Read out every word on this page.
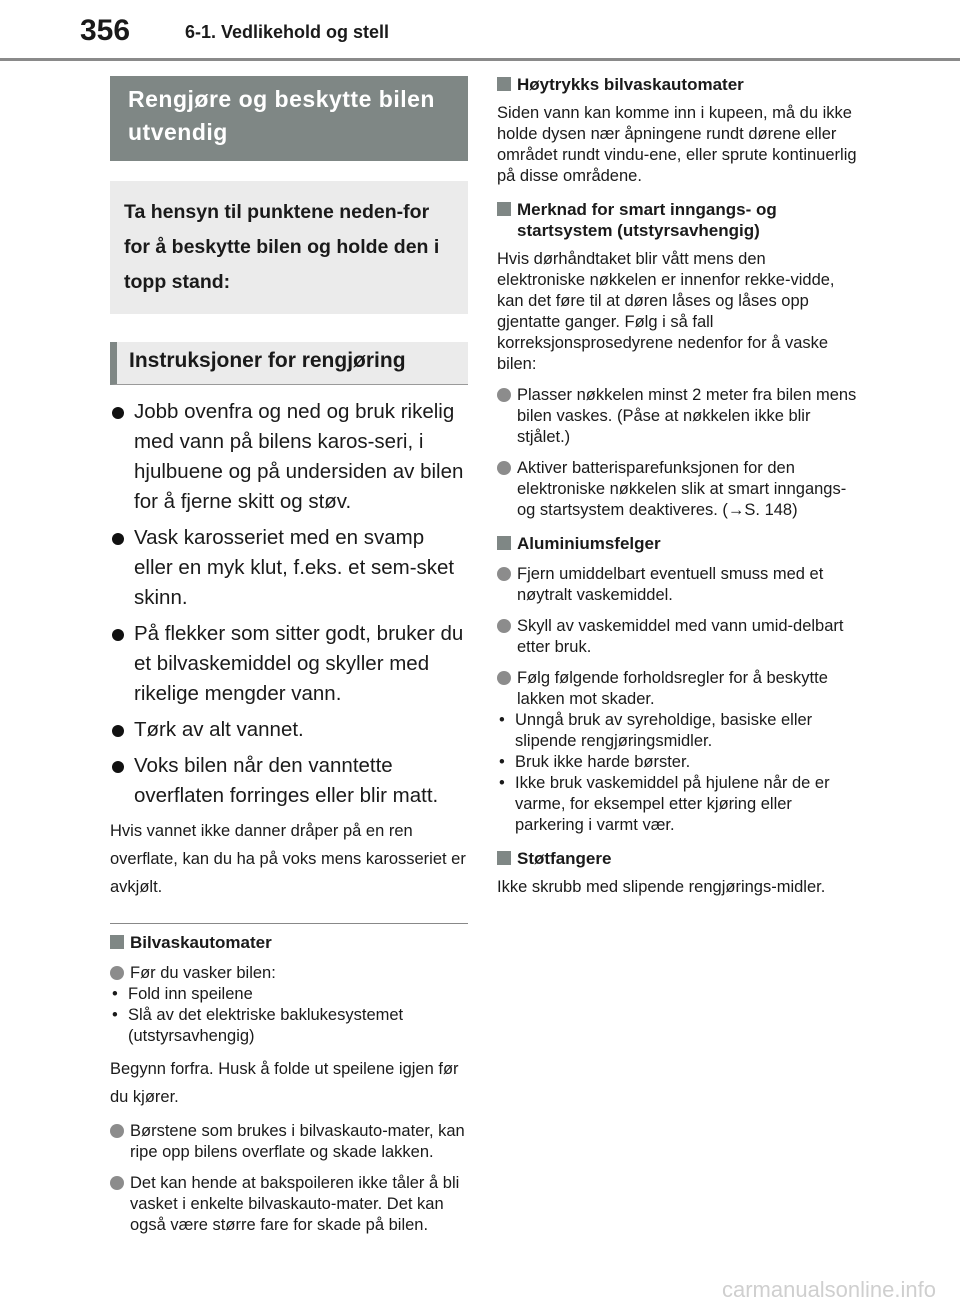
356	6-1. Vedlikehold og stell
Rengjøre og beskytte bilen utvendig
Ta hensyn til punktene neden-for for å beskytte bilen og holde den i topp stand:
Instruksjoner for rengjøring
Jobb ovenfra og ned og bruk rikelig med vann på bilens karos-seri, i hjulbuene og på undersiden av bilen for å fjerne skitt og støv.
Vask karosseriet med en svamp eller en myk klut, f.eks. et sem-sket skinn.
På flekker som sitter godt, bruker du et bilvaskemiddel og skyller med rikelige mengder vann.
Tørk av alt vannet.
Voks bilen når den vanntette overflaten forringes eller blir matt.
Hvis vannet ikke danner dråper på en ren overflate, kan du ha på voks mens karosseriet er avkjølt.
Bilvaskautomater
Før du vasker bilen:
• Fold inn speilene
• Slå av det elektriske baklukesystemet (utstyrsavhengig)
Begynn forfra. Husk å folde ut speilene igjen før du kjører.
Børstene som brukes i bilvaskauto-mater, kan ripe opp bilens overflate og skade lakken.
Det kan hende at bakspoileren ikke tåler å bli vasket i enkelte bilvaskauto-mater. Det kan også være større fare for skade på bilen.
Høytrykks bilvaskautomater
Siden vann kan komme inn i kupeen, må du ikke holde dysen nær åpningene rundt dørene eller området rundt vindu-ene, eller sprute kontinuerlig på disse områdene.
Merknad for smart inngangs- og startsystem (utstyrsavhengig)
Hvis dørhåndtaket blir vått mens den elektroniske nøkkelen er innenfor rekke-vidde, kan det føre til at døren låses og låses opp gjentatte ganger. Følg i så fall korreksjonsprosedyrene nedenfor for å vaske bilen:
Plasser nøkkelen minst 2 meter fra bilen mens bilen vaskes. (Påse at nøkkelen ikke blir stjålet.)
Aktiver batterisparefunksjonen for den elektroniske nøkkelen slik at smart inngangs- og startsystem deaktiveres. (→S. 148)
Aluminiumsfelger
Fjern umiddelbart eventuell smuss med et nøytralt vaskemiddel.
Skyll av vaskemiddel med vann umid-delbart etter bruk.
Følg følgende forholdsregler for å beskytte lakken mot skader.
• Unngå bruk av syreholdige, basiske eller slipende rengjøringsmidler.
• Bruk ikke harde børster.
• Ikke bruk vaskemiddel på hjulene når de er varme, for eksempel etter kjøring eller parkering i varmt vær.
Støtfangere
Ikke skrubb med slipende rengjørings-midler.
carmanualsonline.info
